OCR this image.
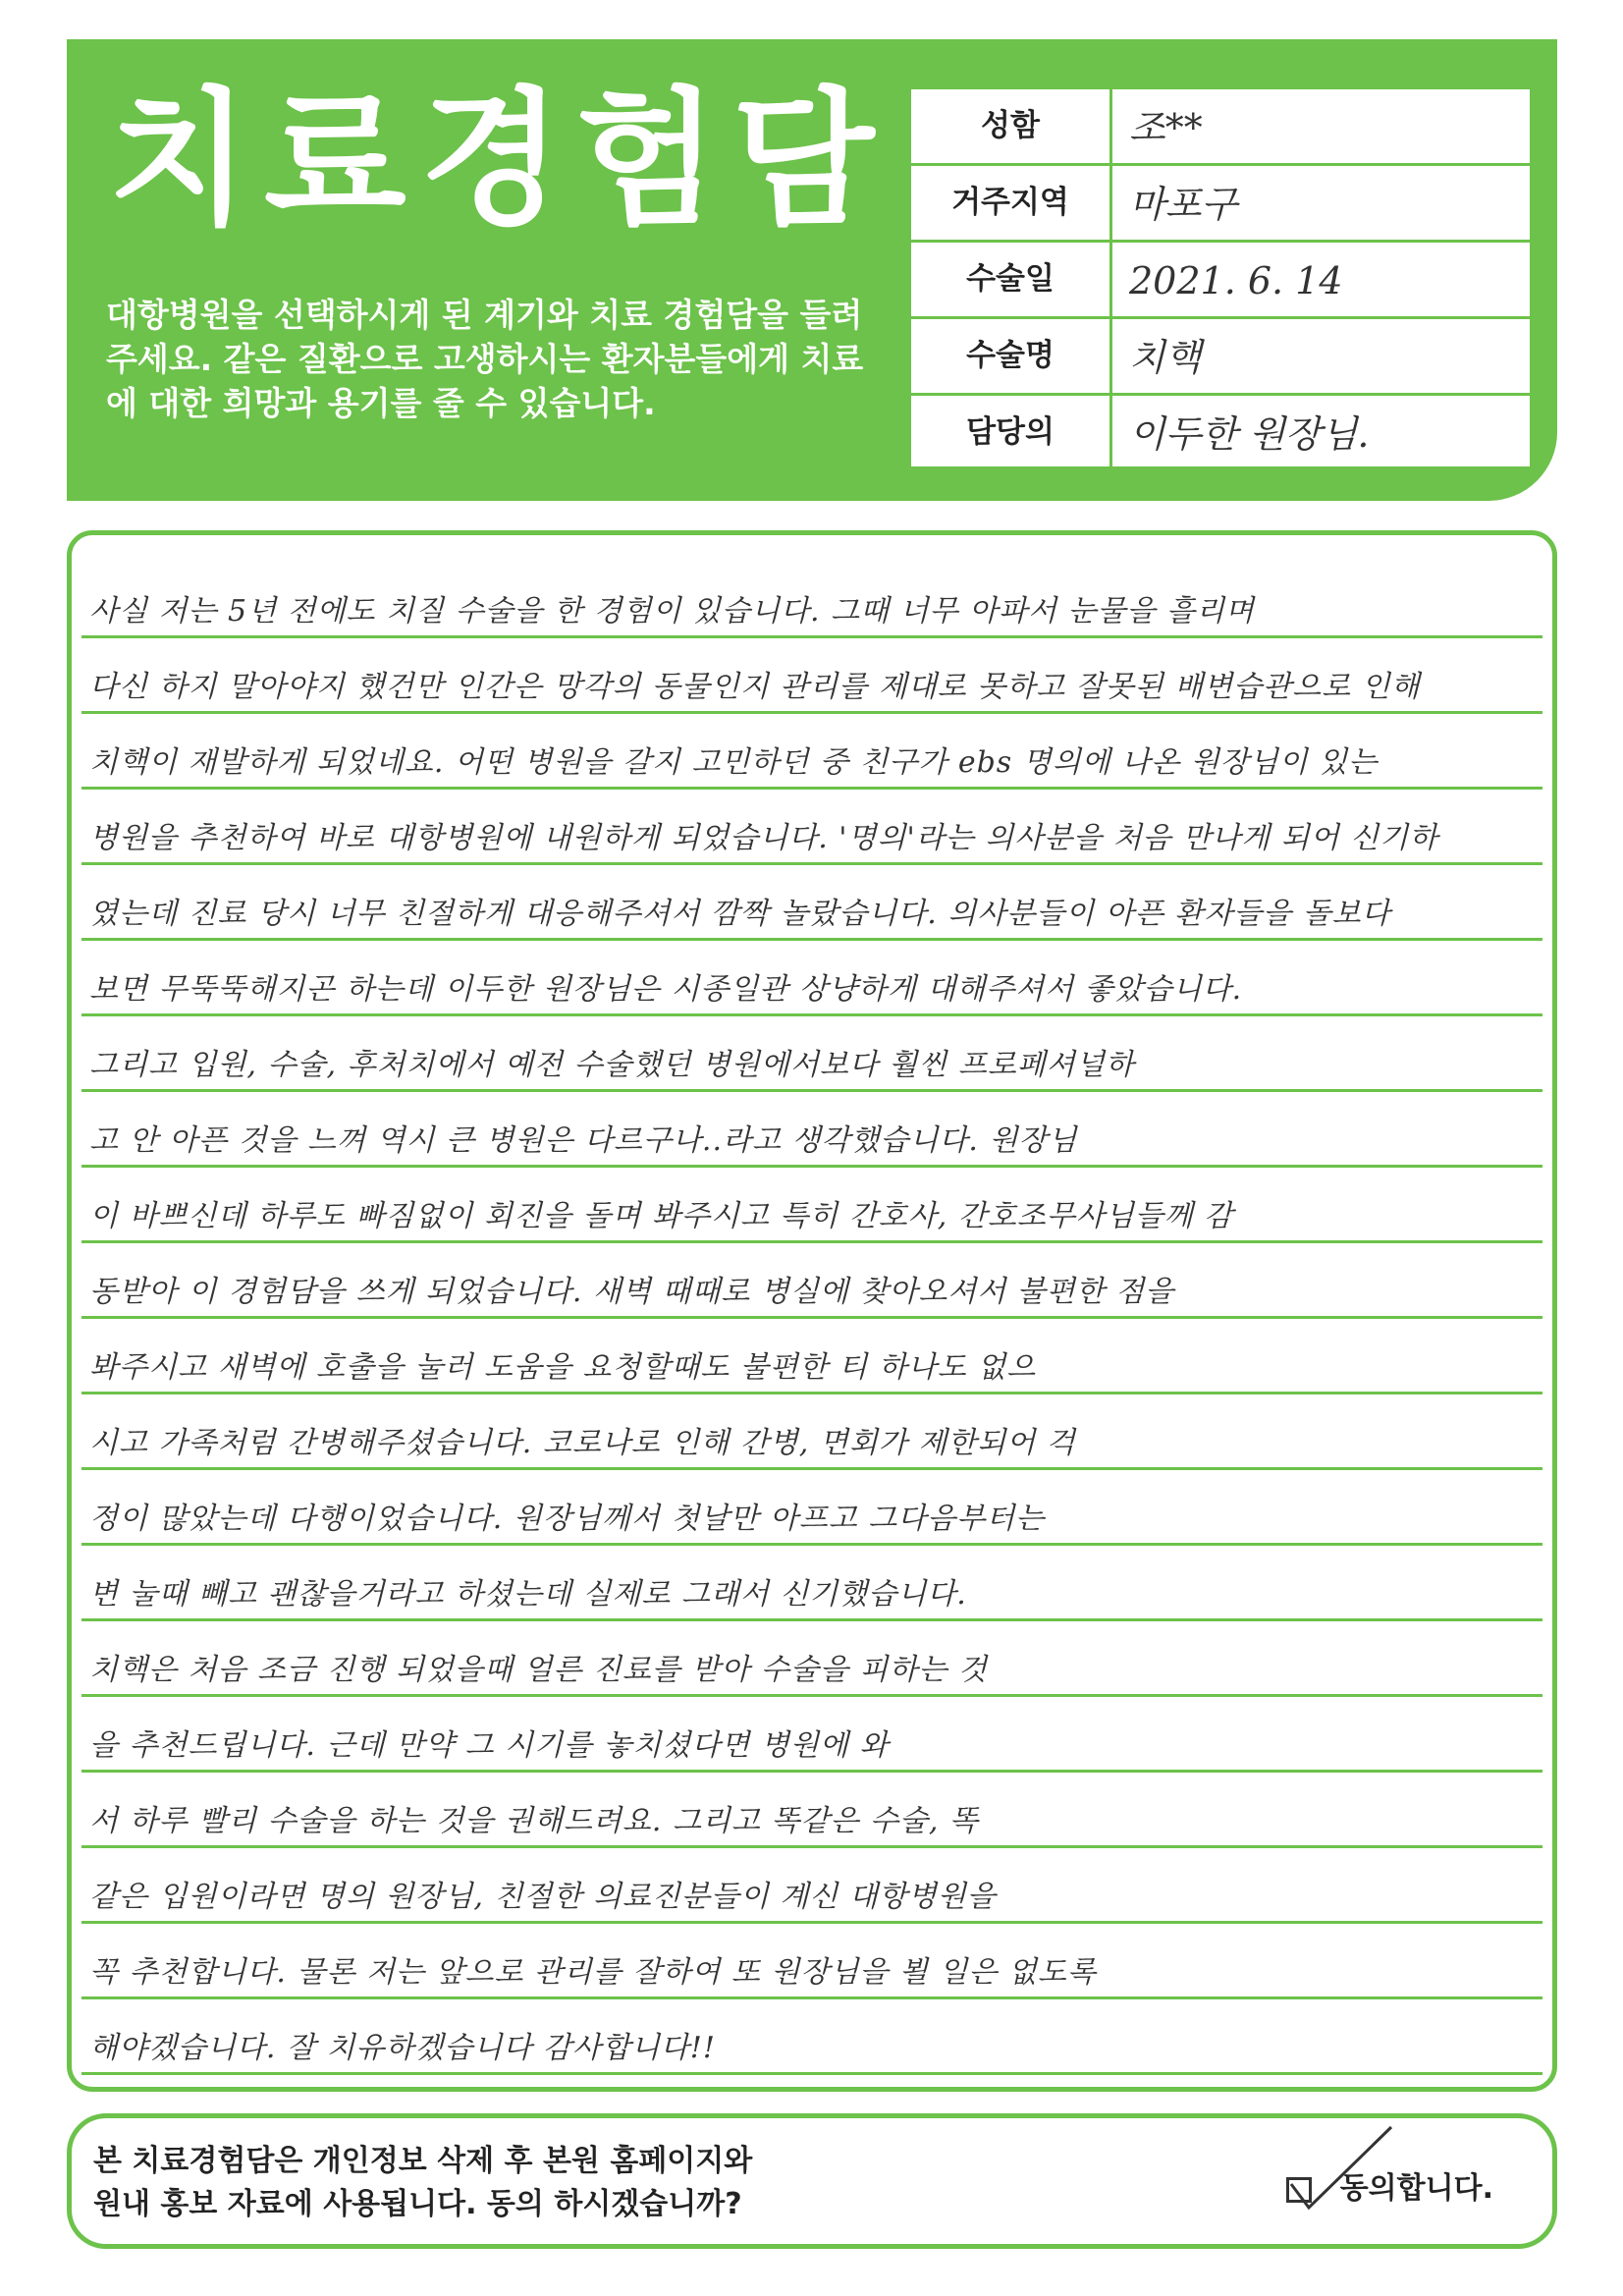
치료경험담
대항병원을 선택하시게 된 계기와 치료 경험담을 들려주세요. 같은 질환으로 고생하시는 환자분들에게 치료에 대한 희망과 용기를 줄 수 있습니다.
성함	조**
거주지역	마포구
수술일	2021. 6. 14
수술명	치핵
담당의	이두한 원장님.
사실 저는 5년 전에도 치질 수술을 한 경험이 있습니다. 그때 너무 아파서 눈물을 흘리며
다신 하지 말아야지 했건만 인간은 망각의 동물인지 관리를 제대로 못하고 잘못된 배변습관으로 인해
치핵이 재발하게 되었네요. 어떤 병원을 갈지 고민하던 중 친구가 ebs 명의에 나온 원장님이 있는
병원을 추천하여 바로 대항병원에 내원하게 되었습니다. '명의'라는 의사분을 처음 만나게 되어 신기하
였는데 진료 당시 너무 친절하게 대응해주셔서 깜짝 놀랐습니다. 의사분들이 아픈 환자들을 돌보다
보면 무뚝뚝해지곤 하는데 이두한 원장님은 시종일관 상냥하게 대해주셔서 좋았습니다.
그리고 입원, 수술, 후처치에서 예전 수술했던 병원에서보다 훨씬 프로페셔널하
고 안 아픈 것을 느껴 역시 큰 병원은 다르구나..라고 생각했습니다. 원장님
이 바쁘신데 하루도 빠짐없이 회진을 돌며 봐주시고 특히 간호사, 간호조무사님들께 감
동받아 이 경험담을 쓰게 되었습니다. 새벽 때때로 병실에 찾아오셔서 불편한 점을
봐주시고 새벽에 호출을 눌러 도움을 요청할때도 불편한 티 하나도 없으
시고 가족처럼 간병해주셨습니다. 코로나로 인해 간병, 면회가 제한되어 걱
정이 많았는데 다행이었습니다. 원장님께서 첫날만 아프고 그다음부터는
변 눌때 빼고 괜찮을거라고 하셨는데 실제로 그래서 신기했습니다.
치핵은 처음 조금 진행 되었을때 얼른 진료를 받아 수술을 피하는 것
을 추천드립니다. 근데 만약 그 시기를 놓치셨다면 병원에 와
서 하루 빨리 수술을 하는 것을 권해드려요. 그리고 똑같은 수술, 똑
같은 입원이라면 명의 원장님, 친절한 의료진분들이 계신 대항병원을
꼭 추천합니다. 물론 저는 앞으로 관리를 잘하여 또 원장님을 뵐 일은 없도록
해야겠습니다. 잘 치유하겠습니다 감사합니다!!
본 치료경험담은 개인정보 삭제 후 본원 홈페이지와
원내 홍보 자료에 사용됩니다. 동의 하시겠습니까?	동의합니다.
